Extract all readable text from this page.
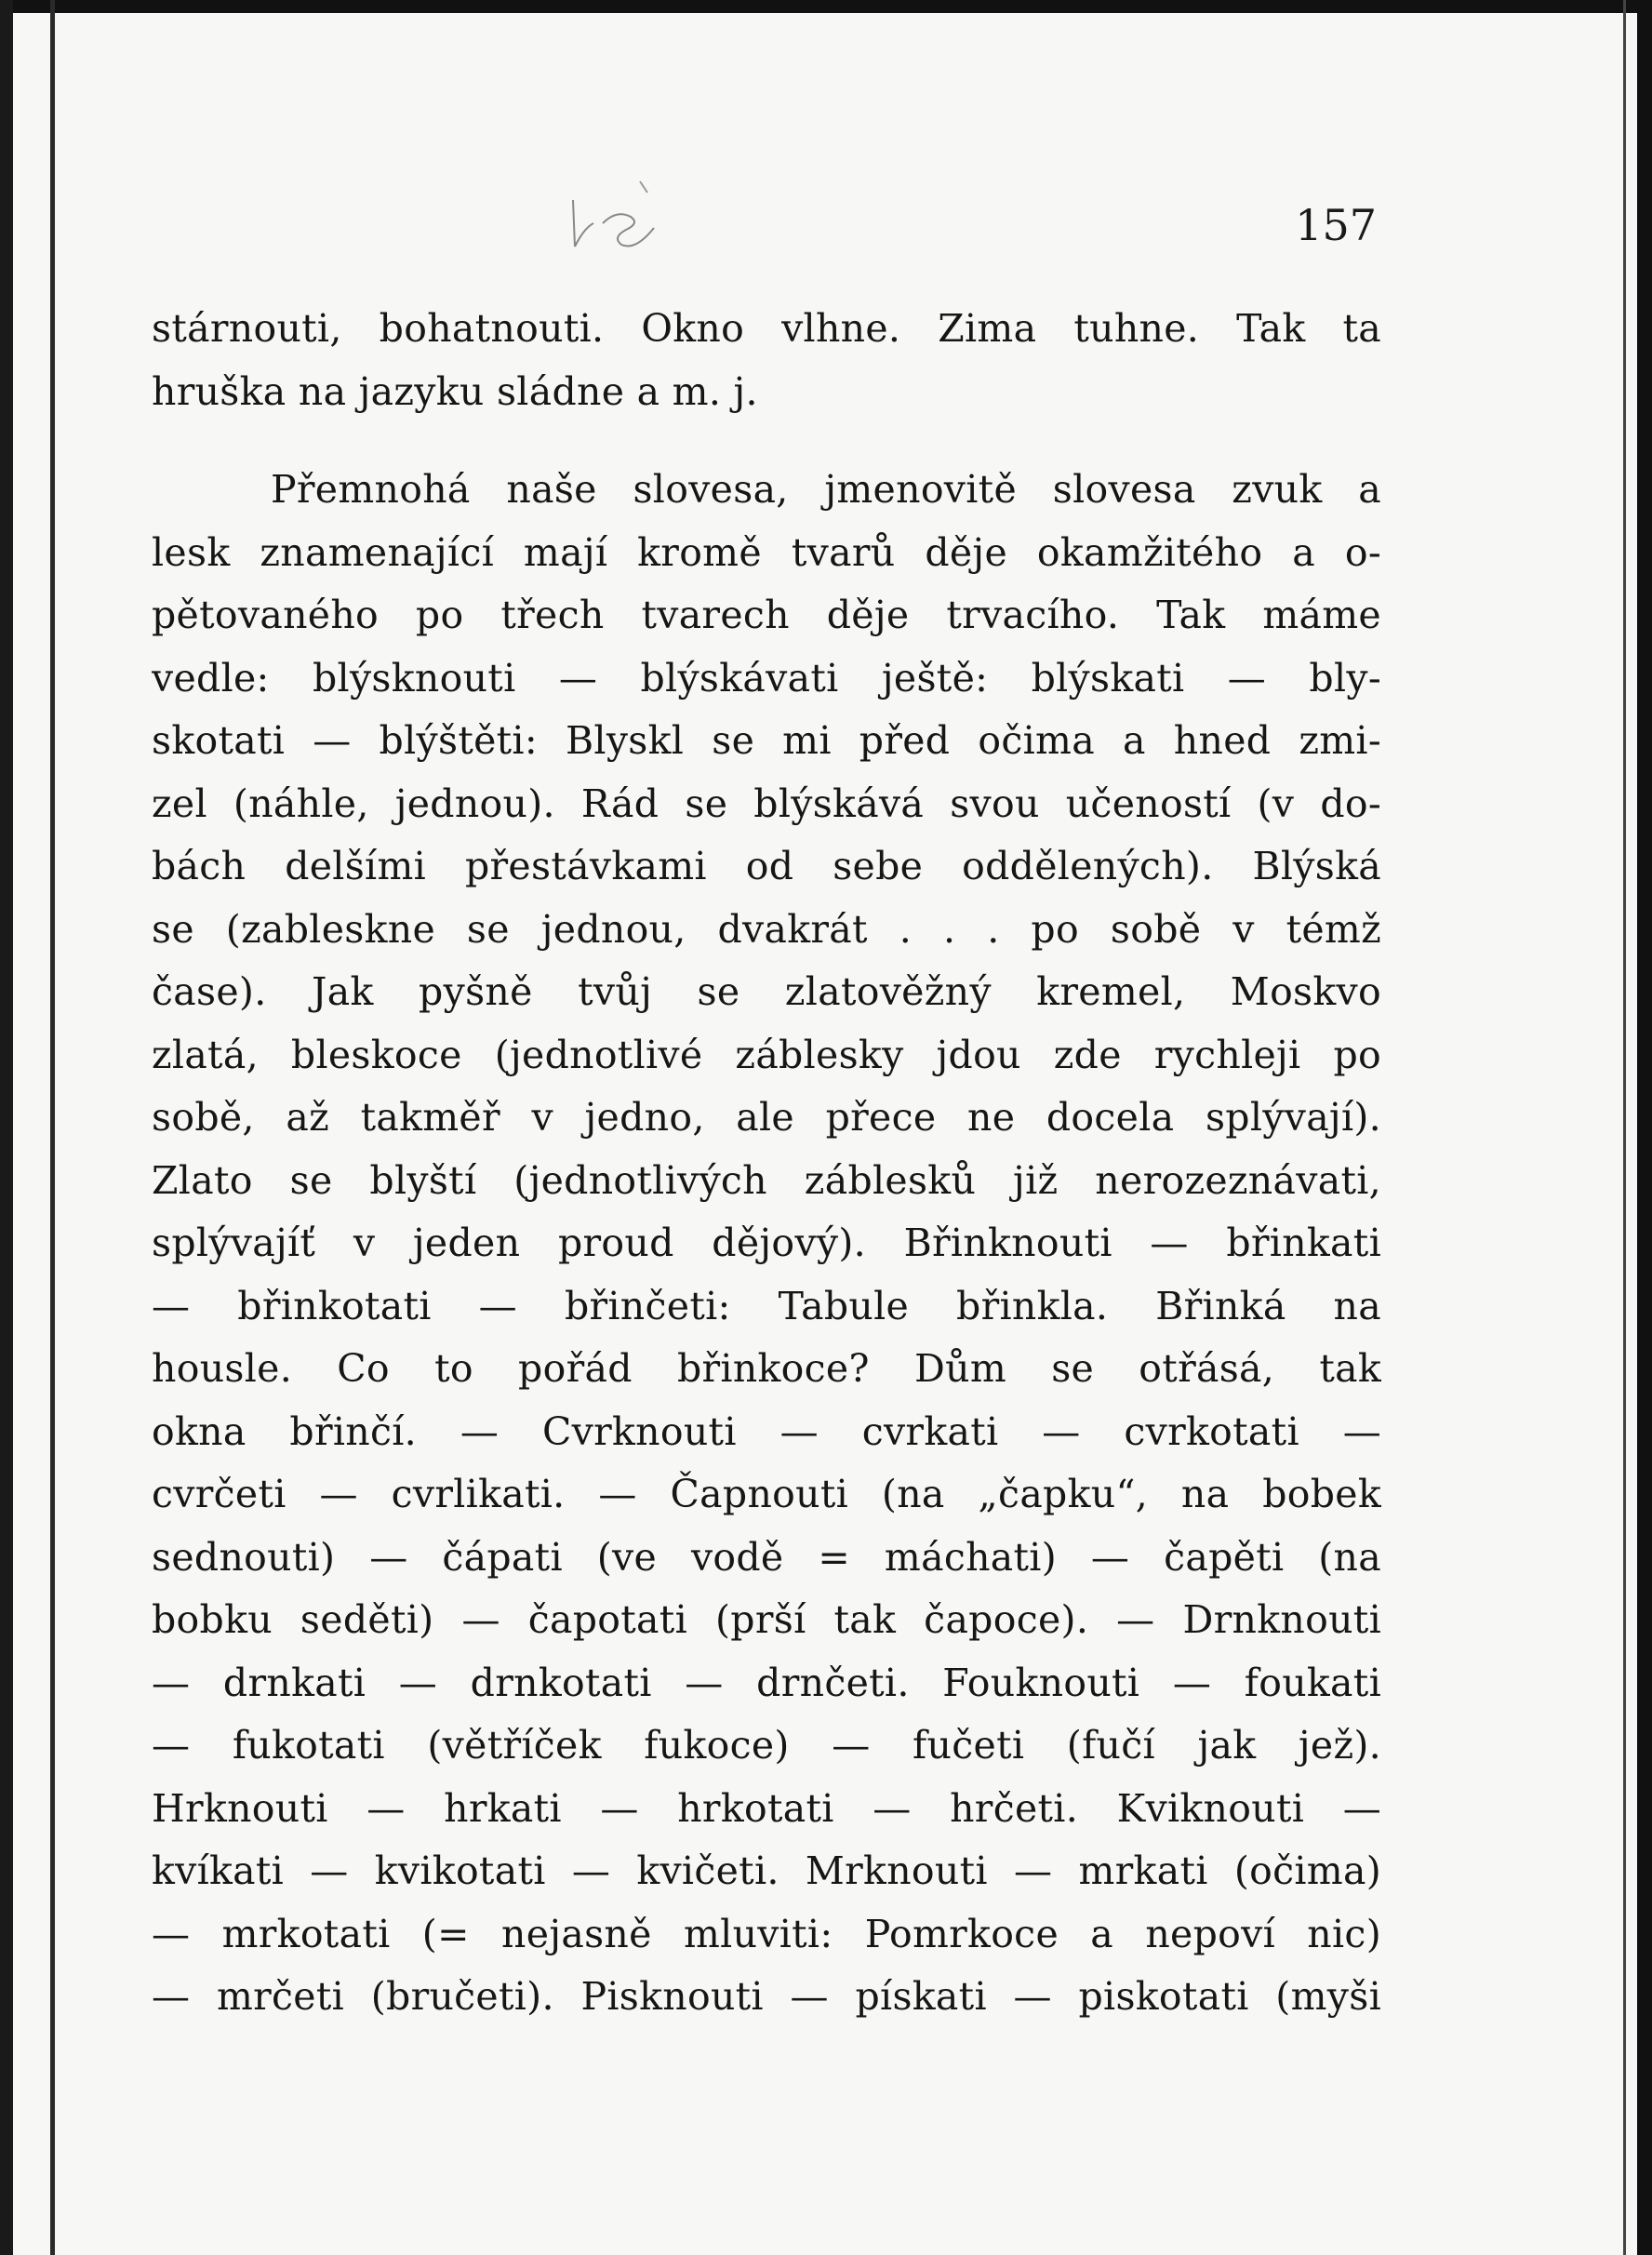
157
stárnouti, bohatnouti. Okno vlhne. Zima tuhne. Tak ta
hruška na jazyku sládne a m. j.
Přemnohá naše slovesa, jmenovitě slovesa zvuk a
lesk znamenající mají kromě tvarů děje okamžitého a o-
pětovaného po třech tvarech děje trvacího. Tak máme
vedle: blýsknouti — blýskávati ještě: blýskati — bly-
skotati — blýštěti: Blyskl se mi před očima a hned zmi-
zel (náhle, jednou). Rád se blýskává svou učeností (v do-
bách delšími přestávkami od sebe oddělených). Blýská
se (zableskne se jednou, dvakrát . . . po sobě v témž
čase). Jak pyšně tvůj se zlatověžný kremel, Moskvo
zlatá, bleskoce (jednotlivé záblesky jdou zde rychleji po
sobě, až takměř v jedno, ale přece ne docela splývají).
Zlato se blyští (jednotlivých záblesků již nerozeznávati,
splývajíť v jeden proud dějový). Břinknouti — břinkati
— břinkotati — břinčeti: Tabule břinkla. Břinká na
housle. Co to pořád břinkoce? Dům se otřásá, tak
okna břinčí. — Cvrknouti — cvrkati — cvrkotati —
cvrčeti — cvrlikati. — Čapnouti (na „čapku“, na bobek
sednouti) — čápati (ve vodě = máchati) — čapěti (na
bobku seděti) — čapotati (prší tak čapoce). — Drnknouti
— drnkati — drnkotati — drnčeti. Fouknouti — foukati
— fukotati (větříček fukoce) — fučeti (fučí jak jež).
Hrknouti — hrkati — hrkotati — hrčeti. Kviknouti —
kvíkati — kvikotati — kvičeti. Mrknouti — mrkati (očima)
— mrkotati (= nejasně mluviti: Pomrkoce a nepoví nic)
— mrčeti (bručeti). Pisknouti — pískati — piskotati (myši
